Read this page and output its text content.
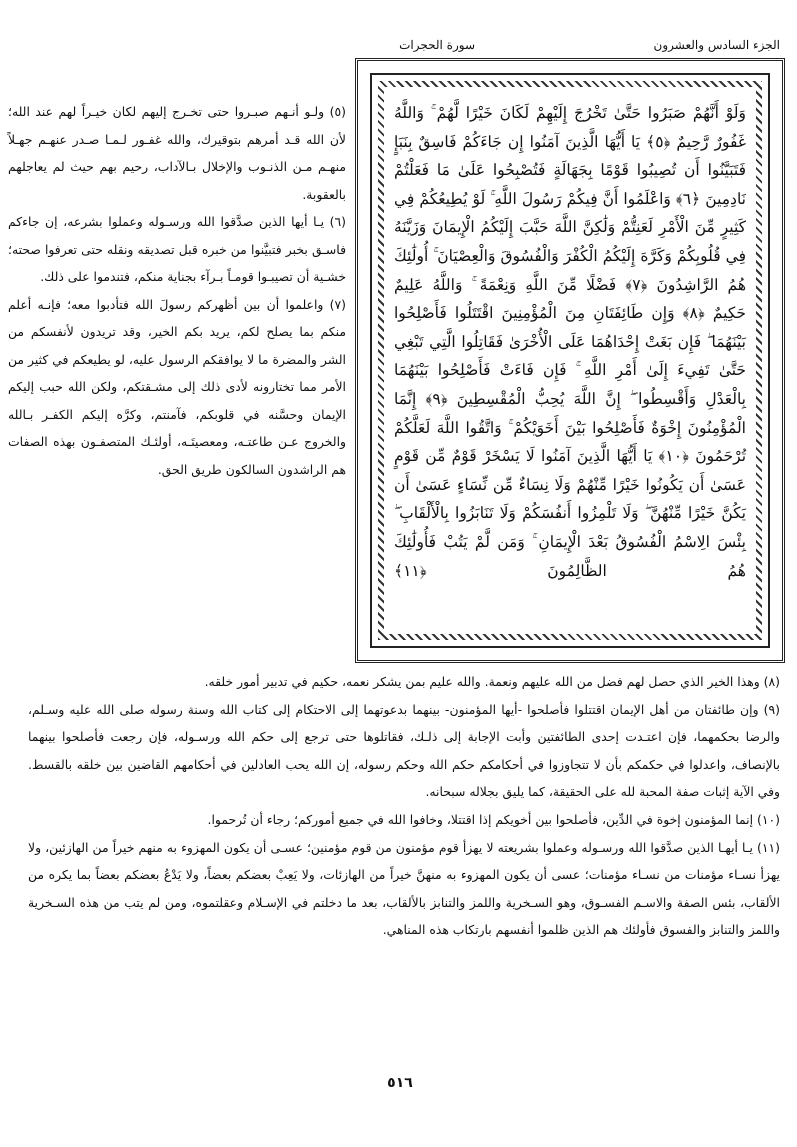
الجزء السادس والعشرون
سورة الحجرات
وَلَوْ أَنَّهُمْ صَبَرُوا حَتَّىٰ تَخْرُجَ إِلَيْهِمْ لَكَانَ خَيْرًا لَّهُمْ ۚ وَاللَّهُ غَفُورٌ رَّحِيمٌ ﴿٥﴾ يَا أَيُّهَا الَّذِينَ آمَنُوا إِن جَاءَكُمْ فَاسِقٌ بِنَبَإٍ فَتَبَيَّنُوا أَن تُصِيبُوا قَوْمًا بِجَهَالَةٍ فَتُصْبِحُوا عَلَىٰ مَا فَعَلْتُمْ نَادِمِينَ ﴿٦﴾ وَاعْلَمُوا أَنَّ فِيكُمْ رَسُولَ اللَّهِ ۚ لَوْ يُطِيعُكُمْ فِي كَثِيرٍ مِّنَ الْأَمْرِ لَعَنِتُّمْ وَلَٰكِنَّ اللَّهَ حَبَّبَ إِلَيْكُمُ الْإِيمَانَ وَزَيَّنَهُ فِي قُلُوبِكُمْ وَكَرَّهَ إِلَيْكُمُ الْكُفْرَ وَالْفُسُوقَ وَالْعِصْيَانَ ۚ أُولَٰئِكَ هُمُ الرَّاشِدُونَ ﴿٧﴾ فَضْلًا مِّنَ اللَّهِ وَنِعْمَةً ۚ وَاللَّهُ عَلِيمٌ حَكِيمٌ ﴿٨﴾ وَإِن طَائِفَتَانِ مِنَ الْمُؤْمِنِينَ اقْتَتَلُوا فَأَصْلِحُوا بَيْنَهُمَا ۖ فَإِن بَغَتْ إِحْدَاهُمَا عَلَى الْأُخْرَىٰ فَقَاتِلُوا الَّتِي تَبْغِي حَتَّىٰ تَفِيءَ إِلَىٰ أَمْرِ اللَّهِ ۚ فَإِن فَاءَتْ فَأَصْلِحُوا بَيْنَهُمَا بِالْعَدْلِ وَأَقْسِطُوا ۖ إِنَّ اللَّهَ يُحِبُّ الْمُقْسِطِينَ ﴿٩﴾ إِنَّمَا الْمُؤْمِنُونَ إِخْوَةٌ فَأَصْلِحُوا بَيْنَ أَخَوَيْكُمْ ۚ وَاتَّقُوا اللَّهَ لَعَلَّكُمْ تُرْحَمُونَ ﴿١٠﴾ يَا أَيُّهَا الَّذِينَ آمَنُوا لَا يَسْخَرْ قَوْمٌ مِّن قَوْمٍ عَسَىٰ أَن يَكُونُوا خَيْرًا مِّنْهُمْ وَلَا نِسَاءٌ مِّن نِّسَاءٍ عَسَىٰ أَن يَكُنَّ خَيْرًا مِّنْهُنَّ ۖ وَلَا تَلْمِزُوا أَنفُسَكُمْ وَلَا تَنَابَزُوا بِالْأَلْقَابِ ۖ بِئْسَ الِاسْمُ الْفُسُوقُ بَعْدَ الْإِيمَانِ ۚ وَمَن لَّمْ يَتُبْ فَأُولَٰئِكَ هُمُ الظَّالِمُونَ ﴿١١﴾

(٥) ولـو أنـهم صبـروا حتى تخـرج إليهم لكان خيـراً لهم عند الله؛ لأن الله قـد أمرهم بتوقيرك، والله غفـور لـمـا صـدر عنهـم جهـلاً منهـم مـن الذنـوب والإخلال بـالآداب، رحيم بهم حيث لم يعاجلهم بالعقوبة.

(٦) يـا أيها الذين صدَّقوا الله ورسـوله وعملوا بشرعه، إن جاءكم فاسـق بخبر فتبيَّنوا من خبره قبل تصديقه ونقله حتى تعرفوا صحته؛ خشـية أن تصيبـوا قومـاً بـرآء بجناية منكم، فتندموا على ذلك.

(٧) واعلموا أن بين أظهركم رسولَ الله فتأدبوا معه؛ فإنـه أعلم منكم بما يصلح لكم، يريد بكم الخير، وقد تريدون لأنفسكم من الشر والمضرة ما لا يوافقكم الرسول عليه، لو يطيعكم في كثير من الأمر مما تختارونه لأدى ذلك إلى مشـقتكم، ولكن الله حبب إليكم الإيمان وحسَّنه في قلوبكم، فآمنتم، وكرَّه إليكم الكفـر بـالله والخروج عـن طاعتـه، ومعصيتَـه، أولئـك المتصفـون بهذه الصفات هم الراشدون السالكون طريق الحق.

(٨) وهذا الخير الذي حصل لهم فضل من الله عليهم ونعمة. والله عليم بمن يشكر نعمه، حكيم في تدبير أمور خلقه.

(٩) وإن طائفتان من أهل الإيمان اقتتلوا فأصلحوا -أيها المؤمنون- بينهما بدعوتهما إلى الاحتكام إلى كتاب الله وسنة رسوله صلى الله عليه وسـلم، والرضا بحكمهما، فإن اعتـدت إحدى الطائفتين وأبت الإجابة إلى ذلـك، فقاتلوها حتى ترجع إلى حكم الله ورسـوله، فإن رجعت فأصلحوا بينهما بالإنصاف، واعدلوا في حكمكم بأن لا تتجاوزوا في أحكامكم حكم الله وحكم رسوله، إن الله يحب العادلين في أحكامهم القاضين بين خلقه بالقسط. وفي الآية إثبات صفة المحبة لله على الحقيقة، كما يليق بجلاله سبحانه.

(١٠) إنما المؤمنون إخوة في الدِّين، فأصلحوا بين أخويكم إذا اقتتلا، وخافوا الله في جميع أموركم؛ رجاء أن تُرحموا.

(١١) يـا أيهـا الذين صدَّقوا الله ورسـوله وعملوا بشريعته لا يهزأ قوم مؤمنون من قوم مؤمنين؛ عسـى أن يكون المهزوء به منهم خيراً من الهازئين، ولا يهزأ نسـاء مؤمنات من نسـاء مؤمنات؛ عسى أن يكون المهزوء به منهنَّ خيراً من الهازئات، ولا يَعِبْ بعضكم بعضاً، ولا يَدْعُ بعضكم بعضاً بما يكره من الألقاب، بئس الصفة والاسـم الفسـوق، وهو السـخرية واللمز والتنابز بالألقاب، بعد ما دخلتم في الإسـلام وعقلتموه، ومن لم يتب من هذه السـخرية واللمز والتنابز والفسوق فأولئك هم الذين ظلموا أنفسهم بارتكاب هذه المناهي.

٥١٦
